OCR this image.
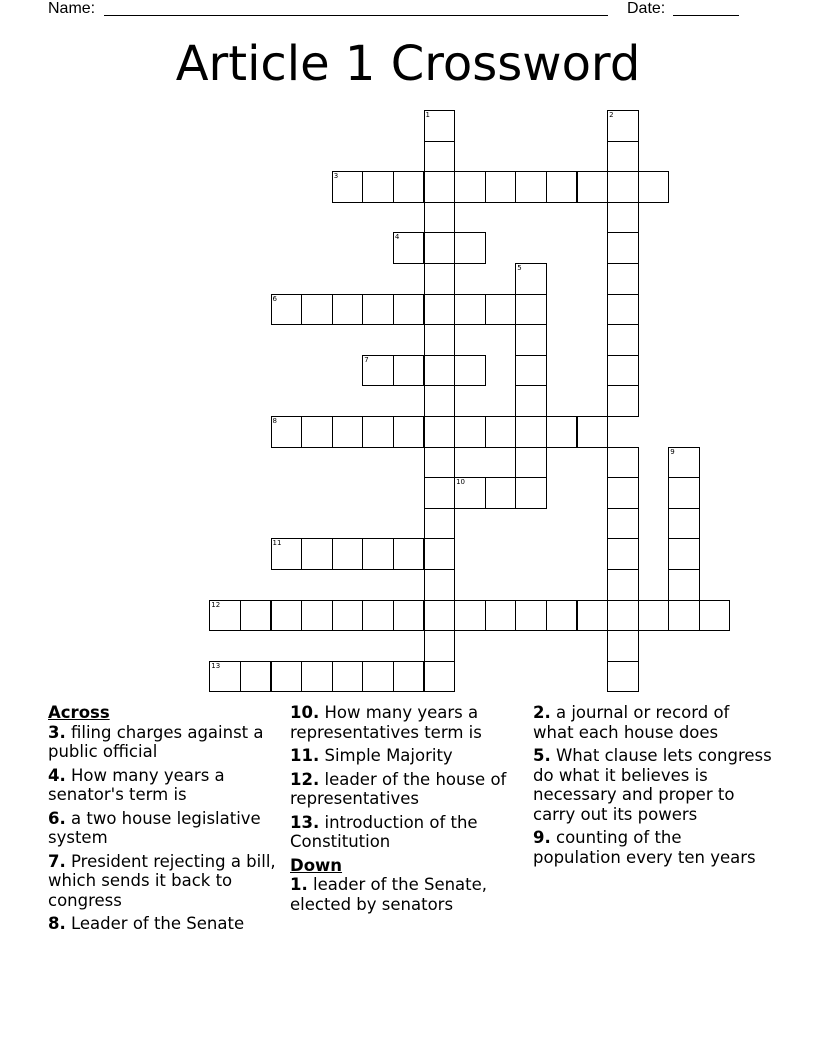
Name:	Date:
Article 1 Crossword
1	2
3
4
5
6
7
8
9
10
11
12
13
Across
3. filing charges against a public official
4. How many years a senator's term is
6. a two house legislative system
7. President rejecting a bill, which sends it back to congress
8. Leader of the Senate
10. How many years a representatives term is
11. Simple Majority
12. leader of the house of representatives
13. introduction of the Constitution
Down
1. leader of the Senate, elected by senators
2. a journal or record of what each house does
5. What clause lets congress do what it believes is necessary and proper to carry out its powers
9. counting of the population every ten years
